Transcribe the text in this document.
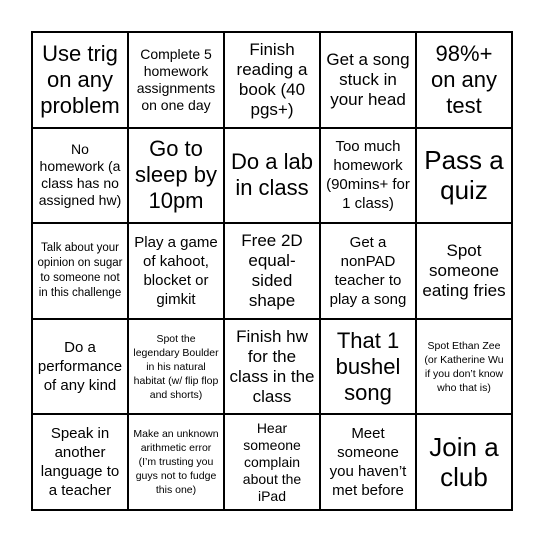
Use trig on any problem
Complete 5 homework assignments on one day
Finish reading a book (40 pgs+)
Get a song stuck in your head
98%+ on any test
No homework (a class has no assigned hw)
Go to sleep by 10pm
Do a lab in class
Too much homework (90mins+ for 1 class)
Pass a quiz
Talk about your opinion on sugar to someone not in this challenge
Play a game of kahoot, blocket or gimkit
Free 2D equal-sided shape
Get a nonPAD teacher to play a song
Spot someone eating fries
Do a performance of any kind
Spot the legendary Boulder in his natural habitat (w/ flip flop and shorts)
Finish hw for the class in the class
That 1 bushel song
Spot Ethan Zee (or Katherine Wu if you don’t know who that is)
Speak in another language to a teacher
Make an unknown arithmetic error (I’m trusting you guys not to fudge this one)
Hear someone complain about the iPad
Meet someone you haven’t met before
Join a club
